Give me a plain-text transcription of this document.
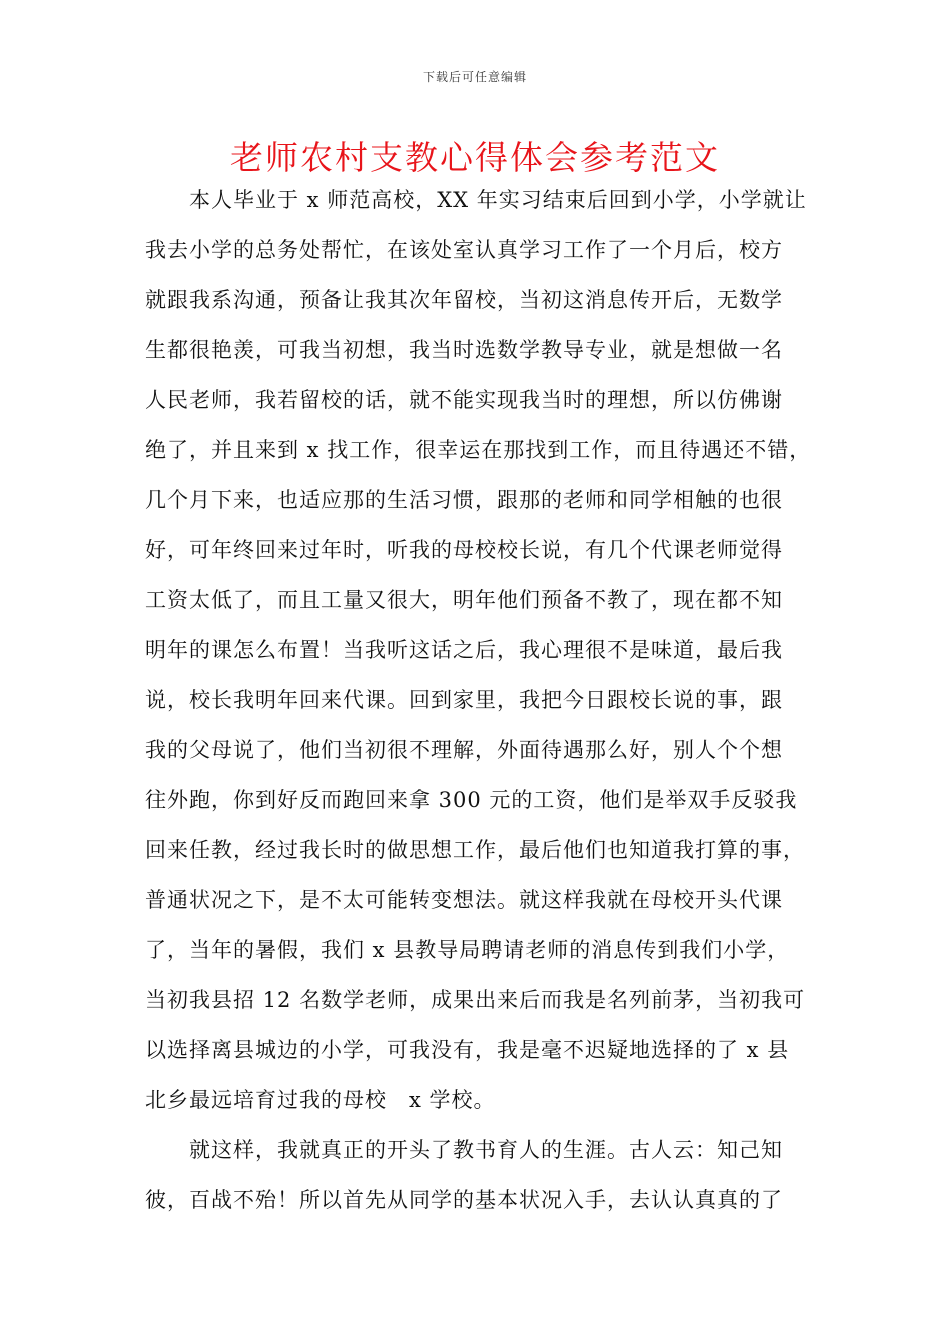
下载后可任意编辑
老师农村支教心得体会参考范文
本人毕业于 x 师范高校，XX 年实习结束后回到小学，小学就让
我去小学的总务处帮忙，在该处室认真学习工作了一个月后，校方
就跟我系沟通，预备让我其次年留校，当初这消息传开后，无数学
生都很艳羡，可我当初想，我当时选数学教导专业，就是想做一名
人民老师，我若留校的话，就不能实现我当时的理想，所以仿佛谢
绝了，并且来到 x 找工作，很幸运在那找到工作，而且待遇还不错，
几个月下来，也适应那的生活习惯，跟那的老师和同学相触的也很
好，可年终回来过年时，听我的母校校长说，有几个代课老师觉得
工资太低了，而且工量又很大，明年他们预备不教了，现在都不知
明年的课怎么布置！当我听这话之后，我心理很不是味道，最后我
说，校长我明年回来代课。回到家里，我把今日跟校长说的事，跟
我的父母说了，他们当初很不理解，外面待遇那么好，别人个个想
往外跑，你到好反而跑回来拿 300 元的工资，他们是举双手反驳我
回来任教，经过我长时的做思想工作，最后他们也知道我打算的事，
普通状况之下，是不太可能转变想法。就这样我就在母校开头代课
了，当年的暑假，我们 x 县教导局聘请老师的消息传到我们小学，
当初我县招 12 名数学老师，成果出来后而我是名列前茅，当初我可
以选择离县城边的小学，可我没有，我是毫不迟疑地选择的了 x 县
北乡最远培育过我的母校　x 学校。
就这样，我就真正的开头了教书育人的生涯。古人云：知己知
彼，百战不殆！所以首先从同学的基本状况入手，去认认真真的了
